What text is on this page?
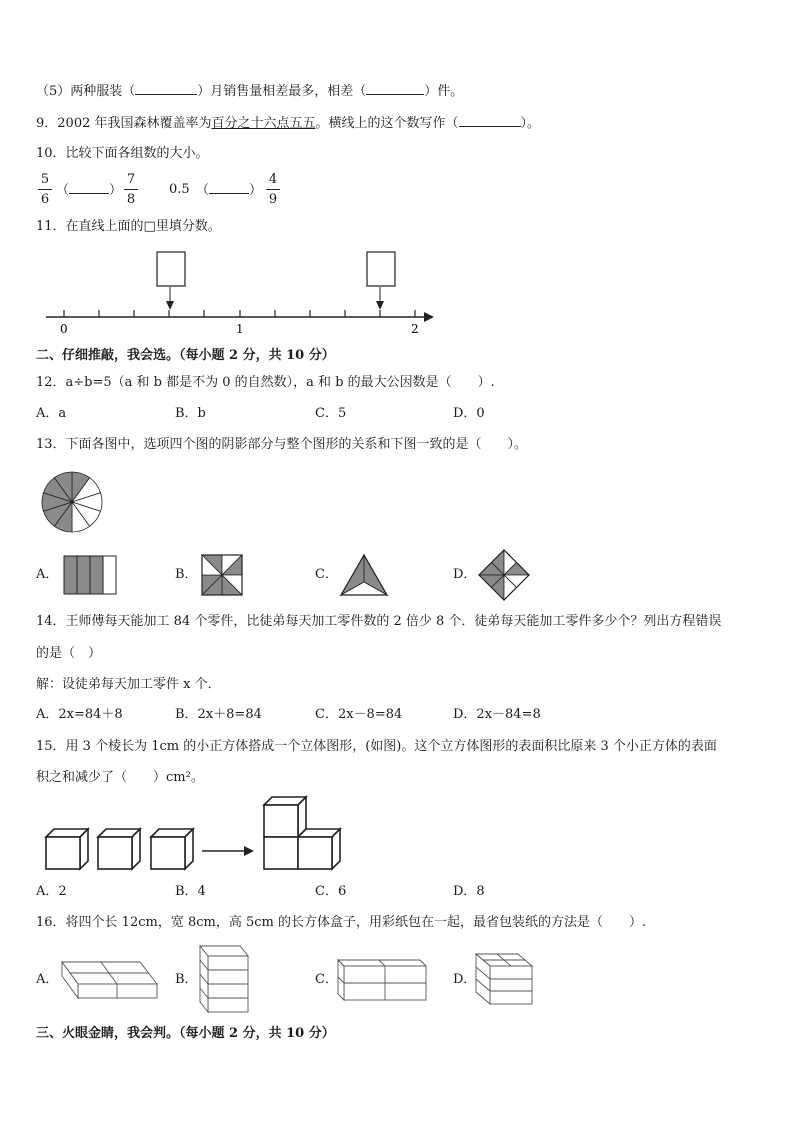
（5）两种服装（	）月销售量相差最多，相差（	）件。
9．2002 年我国森林覆盖率为百分之十六点五五。横线上的这个数写作（	）。
10．比较下面各组数的大小。
5
6
（	）
7
8
0.5 （	）
4
9
11．在直线上面的□里填分数。
0	1	2
二、仔细推敲，我会选。（每小题 2 分，共 10 分）
12．a÷b=5（a 和 b 都是不为 0 的自然数），a 和 b 的最大公因数是（　　）.
A．a	B．b	C．5	D．0
13．下面各图中，选项四个图的阴影部分与整个图形的关系和下图一致的是（　　）。
A．	B．	C．	D．
14．王师傅每天能加工 84 个零件，比徒弟每天加工零件数的 2 倍少 8 个．徒弟每天能加工零件多少个？列出方程错误
的是（　）
解：设徒弟每天加工零件 x 个．
A．2x=84＋8	B．2x＋8=84	C．2x－8=84	D．2x－84=8
15．用 3 个棱长为 1cm 的小正方体搭成一个立体图形，(如图)。这个立方体图形的表面积比原来 3 个小正方体的表面
积之和减少了（　　）cm²。
A．2	B．4	C．6	D．8
16．将四个长 12cm，宽 8cm，高 5cm 的长方体盒子，用彩纸包在一起，最省包装纸的方法是（　　）.
A．	B．	C．	D．
三、火眼金睛，我会判。（每小题 2 分，共 10 分）
